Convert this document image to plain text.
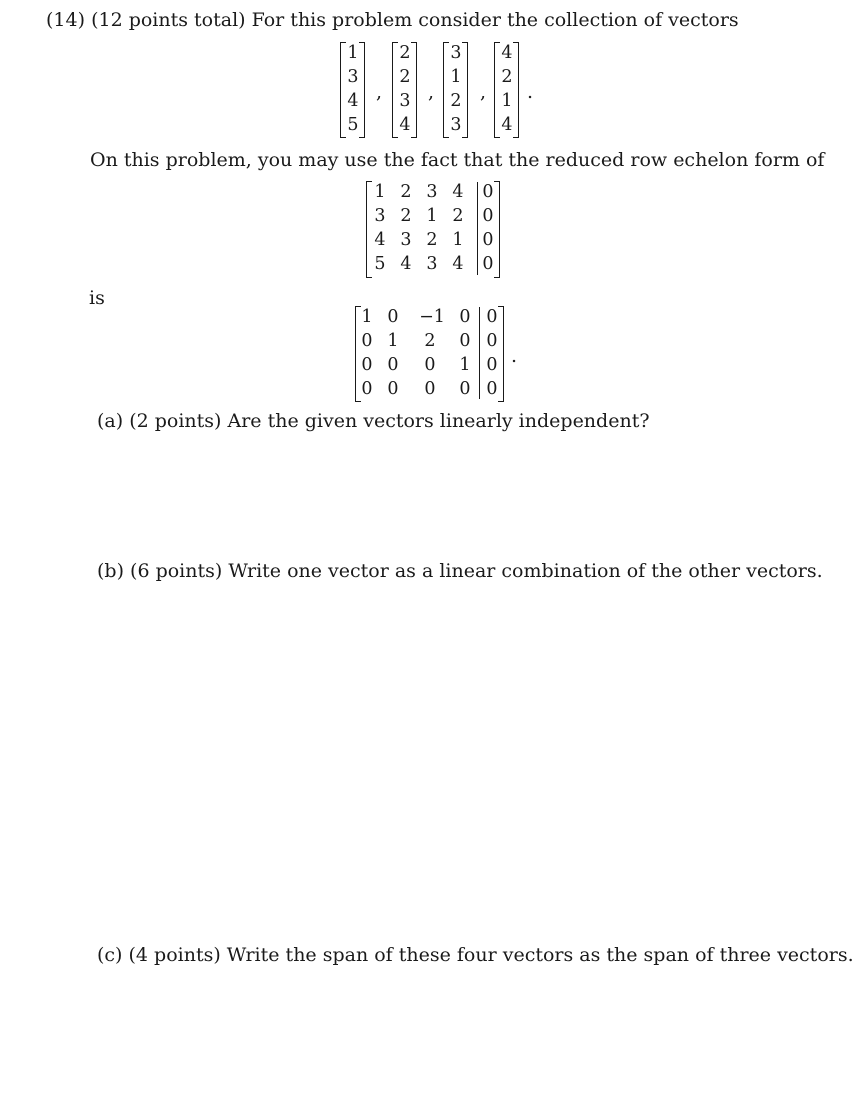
(14) (12 points total) For this problem consider the collection of vectors
1
3
4
5
,
2
2
3
4
,
3
1
2
3
,
4
2
1
4
.
On this problem, you may use the fact that the reduced row echelon form of
1 2 3 4 0
3 2 1 2 0
4 3 2 1 0
5 4 3 4 0
is
1 0 −1 0 0
0 1 2 0 0
0 0 0 1 0
0 0 0 0 0
.
(a) (2 points) Are the given vectors linearly independent?
(b) (6 points) Write one vector as a linear combination of the other vectors.
(c) (4 points) Write the span of these four vectors as the span of three vectors.
